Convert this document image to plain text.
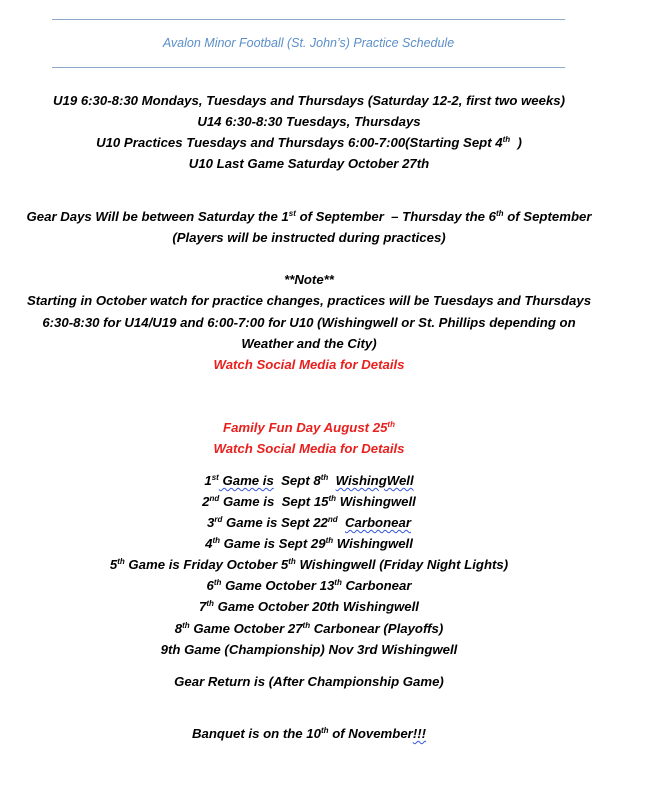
Avalon Minor Football (St. John’s) Practice Schedule
U19 6:30-8:30 Mondays, Tuesdays and Thursdays (Saturday 12-2, first two weeks)
U14 6:30-8:30 Tuesdays, Thursdays
U10 Practices Tuesdays and Thursdays 6:00-7:00(Starting Sept 4th  )
U10 Last Game Saturday October 27th
Gear Days Will be between Saturday the 1st of September  – Thursday the 6th of September
(Players will be instructed during practices)
**Note**
Starting in October watch for practice changes, practices will be Tuesdays and Thursdays
6:30-8:30 for U14/U19 and 6:00-7:00 for U10 (Wishingwell or St. Phillips depending on
Weather and the City)
Watch Social Media for Details
Family Fun Day August 25th
Watch Social Media for Details
1st Game is  Sept 8th WishingWell
2nd Game is  Sept 15th Wishingwell
3rd Game is Sept 22nd Carbonear
4th Game is Sept 29th Wishingwell
5th Game is Friday October 5th Wishingwell (Friday Night Lights)
6th Game October 13th Carbonear
7th Game October 20th Wishingwell
8th Game October 27th Carbonear (Playoffs)
9th Game (Championship) Nov 3rd Wishingwell
Gear Return is (After Championship Game)
Banquet is on the 10th of November!!!
